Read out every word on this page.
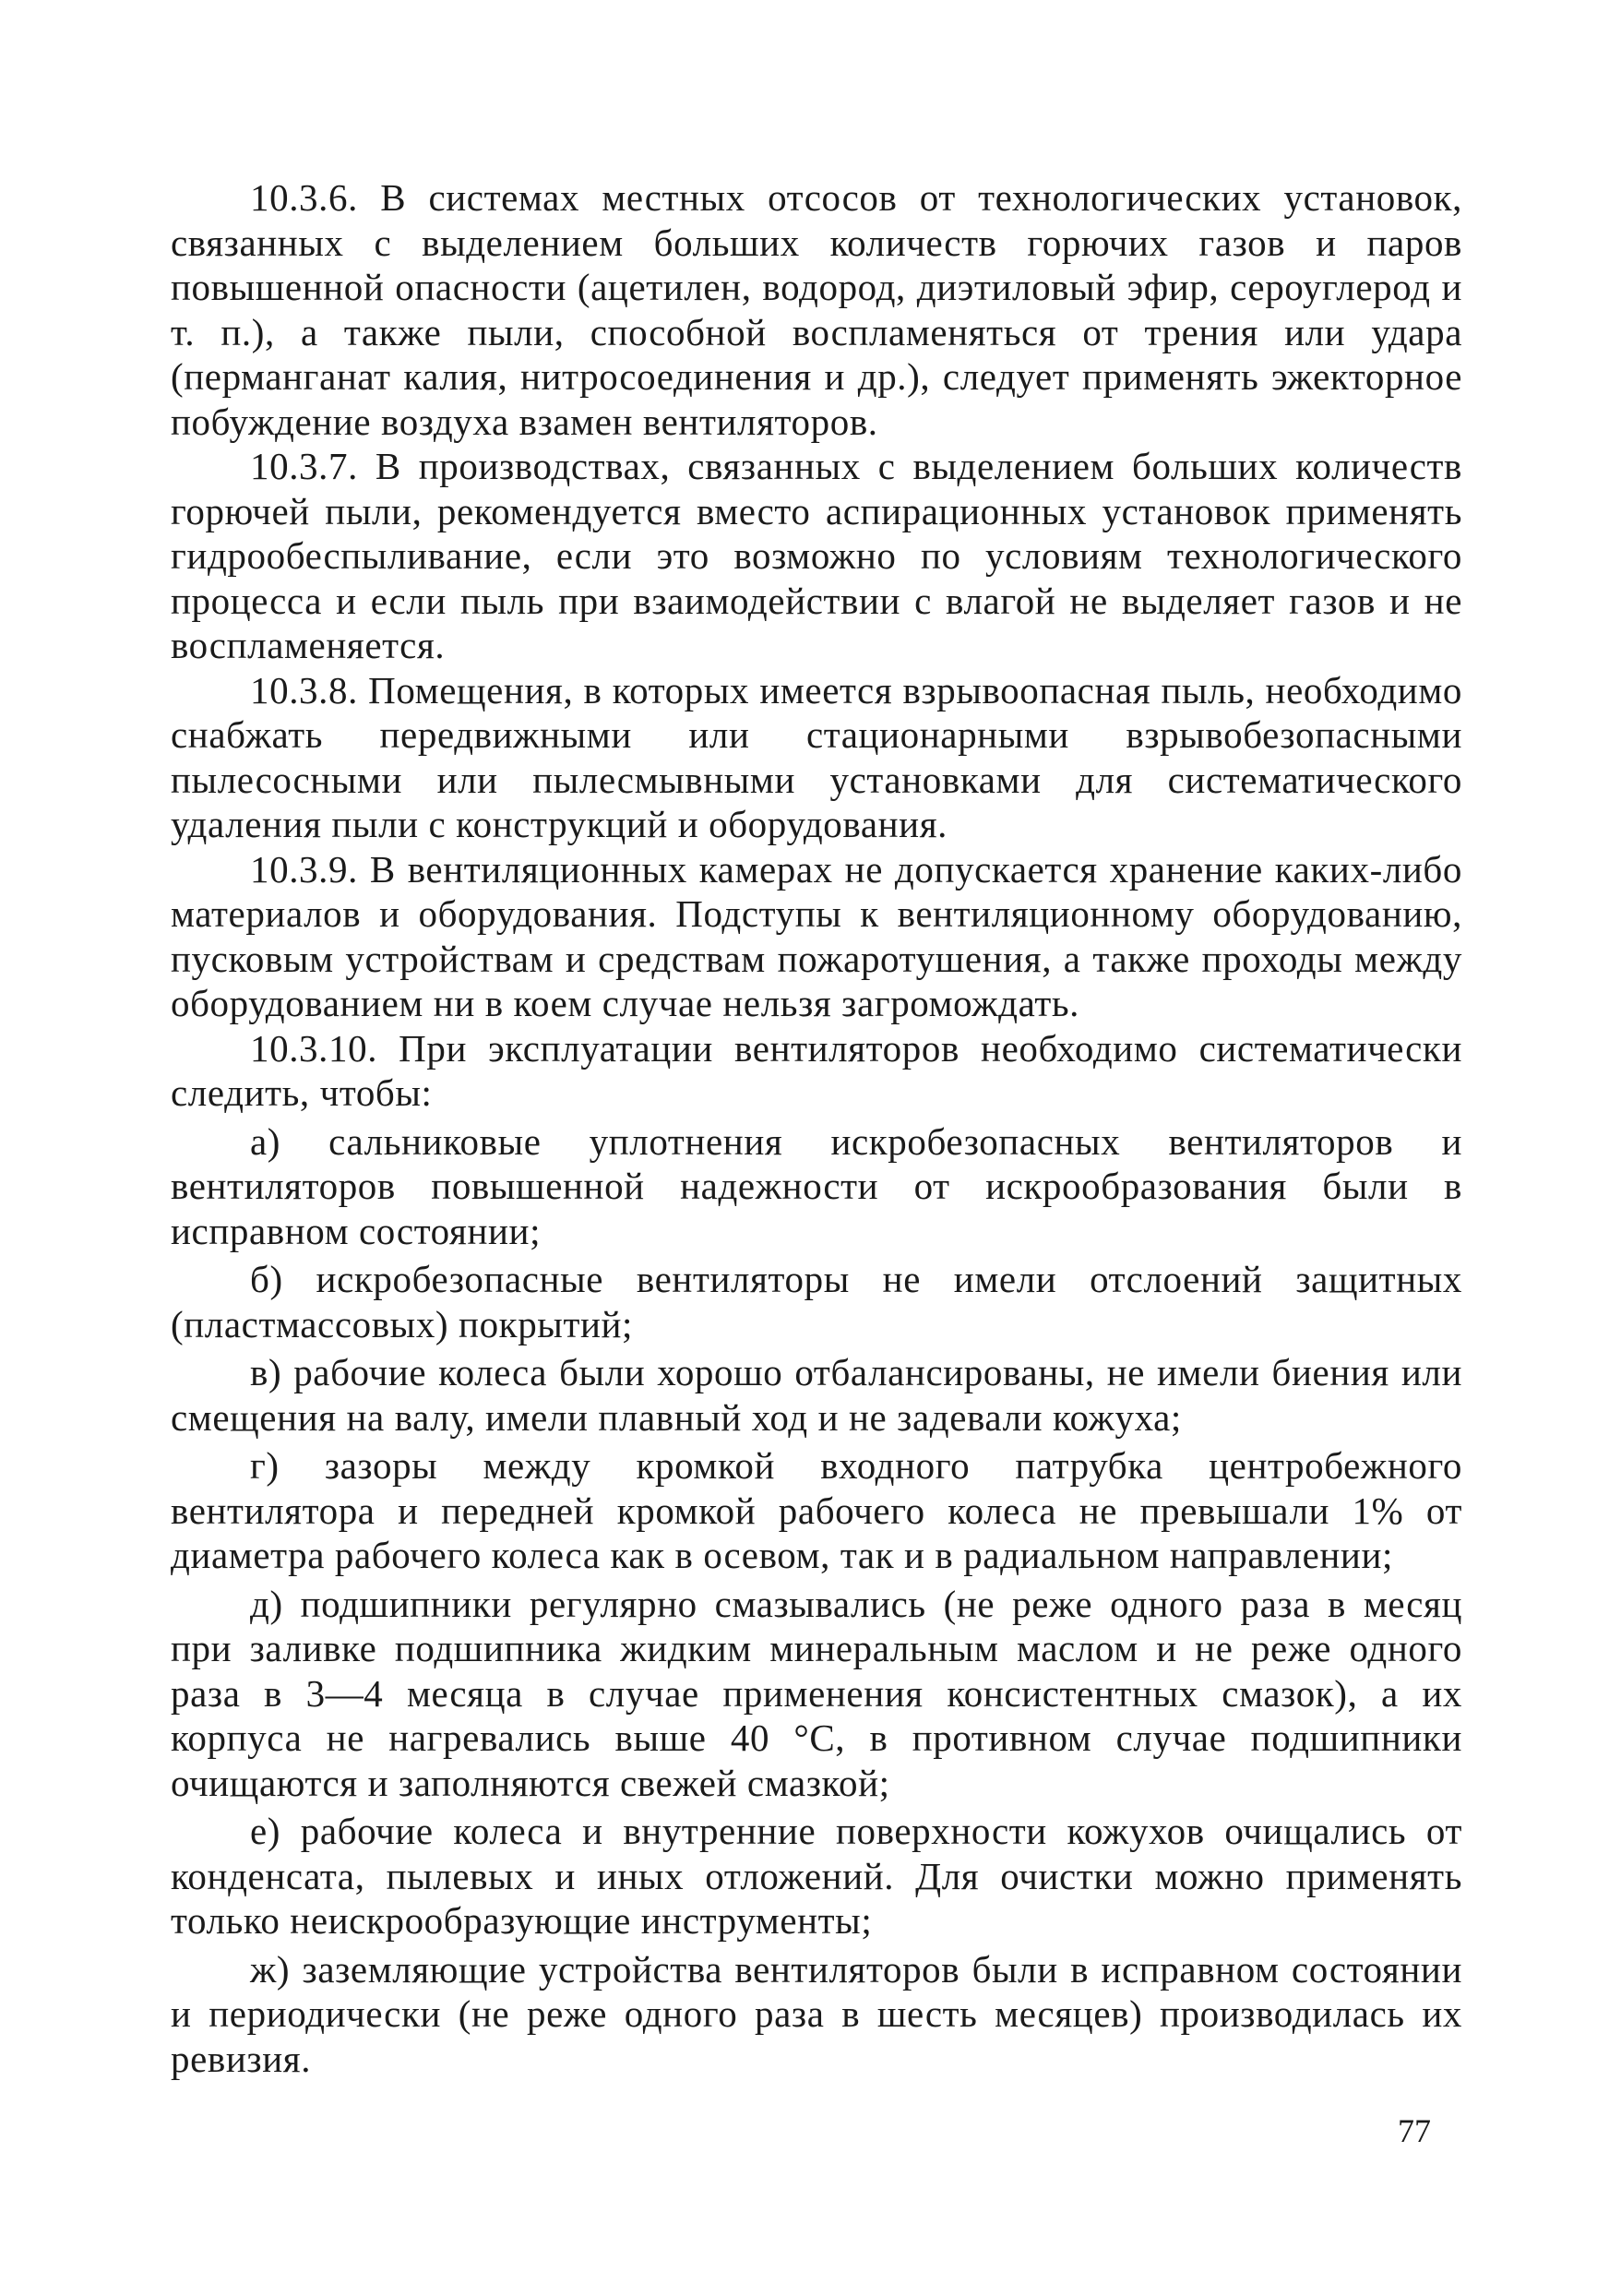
10.3.6. В системах местных отсосов от технологических установок, связанных с выделением больших количеств горючих газов и паров повышенной опасности (ацетилен, водород, диэтиловый эфир, сероуглерод и т. п.), а также пыли, способной воспламеняться от трения или удара (перманганат калия, нитросоединения и др.), следует применять эжекторное побуждение воздуха взамен вентиляторов.

10.3.7. В производствах, связанных с выделением больших количеств горючей пыли, рекомендуется вместо аспирационных установок применять гидрообеспыливание, если это возможно по условиям технологического процесса и если пыль при взаимодействии с влагой не выделяет газов и не воспламеняется.

10.3.8. Помещения, в которых имеется взрывоопасная пыль, необходимо снабжать передвижными или стационарными взрывобезопасными пылесосными или пылесмывными установками для систематического удаления пыли с конструкций и оборудования.

10.3.9. В вентиляционных камерах не допускается хранение каких-либо материалов и оборудования. Подступы к вентиляционному оборудованию, пусковым устройствам и средствам пожаротушения, а также проходы между оборудованием ни в коем случае нельзя загромождать.

10.3.10. При эксплуатации вентиляторов необходимо систематически следить, чтобы:

а) сальниковые уплотнения искробезопасных вентиляторов и вентиляторов повышенной надежности от искрообразования были в исправном состоянии;

б) искробезопасные вентиляторы не имели отслоений защитных (пластмассовых) покрытий;

в) рабочие колеса были хорошо отбалансированы, не имели биения или смещения на валу, имели плавный ход и не задевали кожуха;

г) зазоры между кромкой входного патрубка центробежного вентилятора и передней кромкой рабочего колеса не превышали 1% от диаметра рабочего колеса как в осевом, так и в радиальном направлении;

д) подшипники регулярно смазывались (не реже одного раза в месяц при заливке подшипника жидким минеральным маслом и не реже одного раза в 3—4 месяца в случае применения консистентных смазок), а их корпуса не нагревались выше 40 °С, в противном случае подшипники очищаются и заполняются свежей смазкой;

е) рабочие колеса и внутренние поверхности кожухов очищались от конденсата, пылевых и иных отложений. Для очистки можно применять только неискрообразующие инструменты;

ж) заземляющие устройства вентиляторов были в исправном состоянии и периодически (не реже одного раза в шесть месяцев) производилась их ревизия.

77
